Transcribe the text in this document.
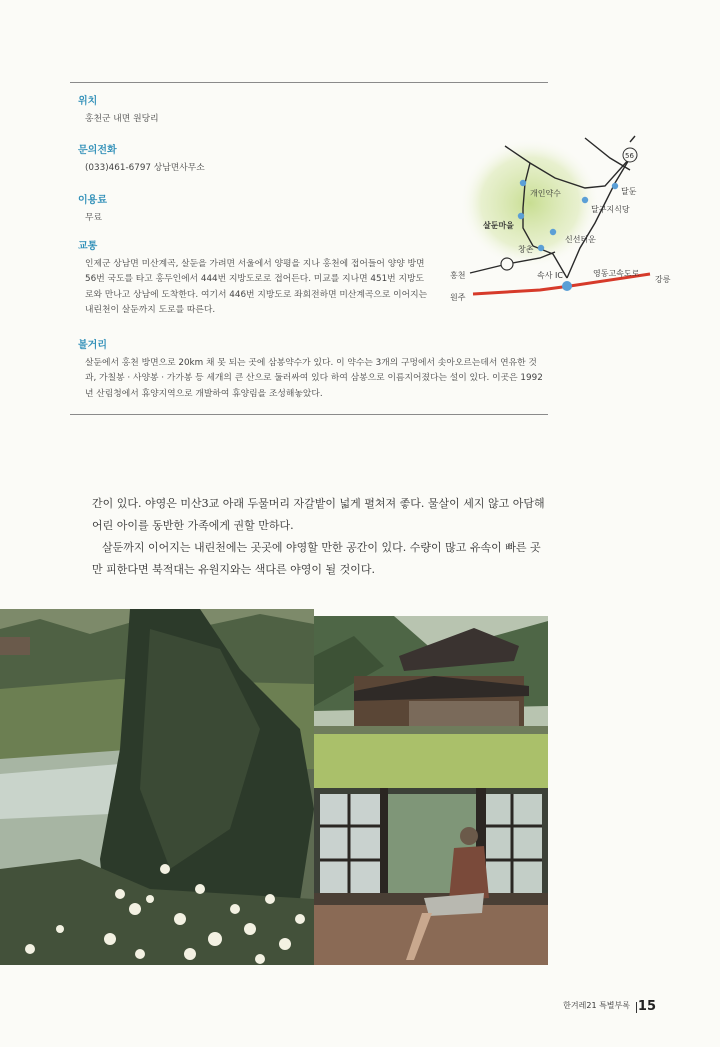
위치

홍천군 내면 원당리

문의전화

(033)461-6797 상남면사무소

이용료

무료

교통

인제군 상남면 미산계곡, 살둔을 가려면 서울에서 양평을 지나 홍천에 접어들어 양양 방면 56번 국도를 타고 홍두인에서 444번 지방도로로 접어든다. 미교를 지나면 451번 지방도로와 만나고 상남에 도착한다. 여기서 446번 지방도로 좌회전하면 미산계곡으로 이어지는 내린천이 살둔까지 도로를 따른다.

볼거리

살둔에서 홍천 방면으로 20km 채 못 되는 곳에 삼봉약수가 있다. 이 약수는 3개의 구멍에서 솟아오르는데서 연유한 것과, 가칠봉 · 사양봉 · 가가봉 등 세개의 큰 산으로 둘러싸여 있다 하여 삼봉으로 이름지어졌다는 설이 있다. 이곳은 1992년 산림청에서 휴양지역으로 개발하여 휴양림을 조성해놓았다.

56
개인약수	달둔
살둔마을
달구지식당
신선터운
창촌
홍천	속사 IC	영동고속도로
강릉
원주

간이 있다. 야영은 미산3교 아래 두물머리 자갈밭이 넓게 펼쳐져 좋다. 물살이 세지 않고 아담해 어린 아이를 동반한 가족에게 권할 만하다.

살둔까지 이어지는 내린천에는 곳곳에 야영할 만한 공간이 있다. 수량이 많고 유속이 빠른 곳만 피한다면 북적대는 유원지와는 색다른 야영이 될 것이다.

한겨레21 특별부록 15
